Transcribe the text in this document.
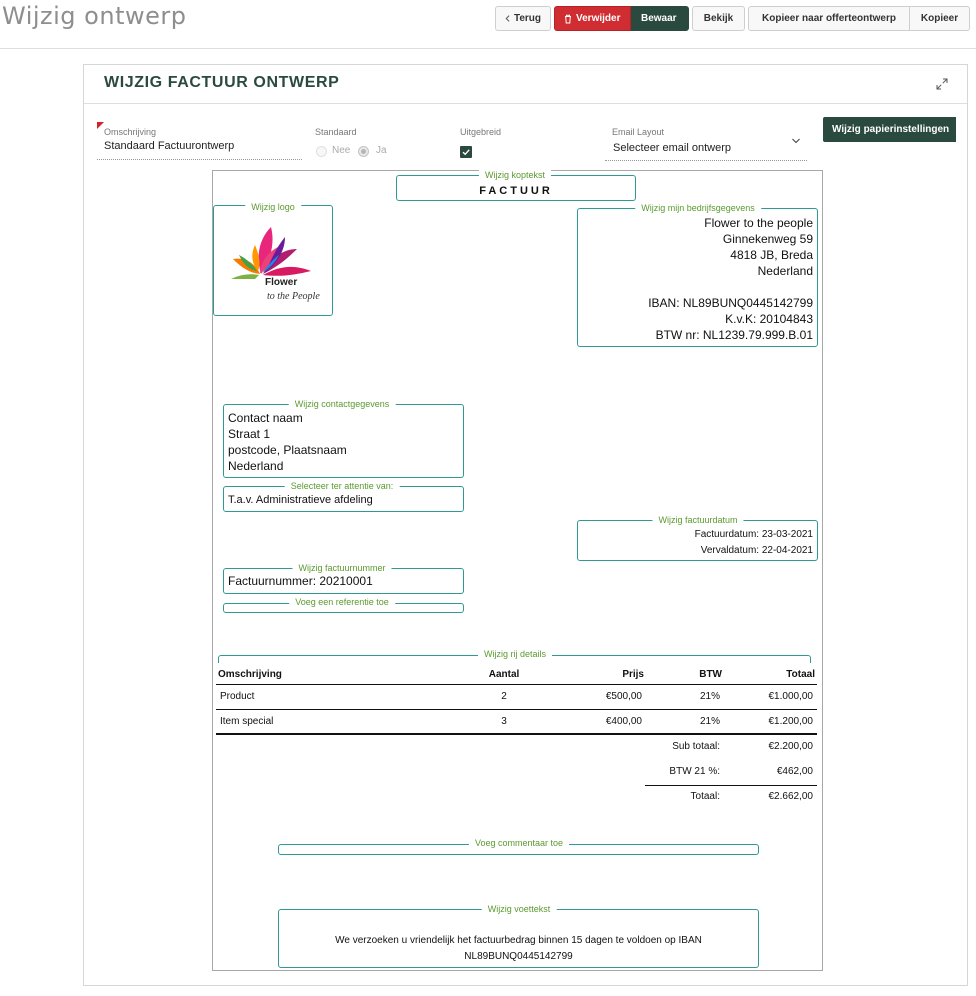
Wijzig ontwerp	Terug	Verwijder Bewaar	Bekijk	Kopieer naar offerteontwerp Kopieer
WIJZIG FACTUUR ONTWERP
Omschrijving
Standaard Factuurontwerp
Standaard
Nee	Ja
Uitgebreid	Email Layout
Selecteer email ontwerp
Wijzig papierinstellingen
Wijzig koptekst
FACTUUR
Wijzig logo
Flower
to the People
Wijzig mijn bedrijfsgegevens
Flower to the people
Ginnekenweg 59
4818 JB, Breda
Nederland
IBAN: NL89BUNQ0445142799
K.v.K: 20104843
BTW nr: NL1239.79.999.B.01
Wijzig contactgegevens
Contact naam
Straat 1
postcode, Plaatsnaam
Nederland
Selecteer ter attentie van:
T.a.v. Administratieve afdeling
Wijzig factuurdatum
Factuurdatum: 23-03-2021
Vervaldatum: 22-04-2021
Wijzig factuurnummer
Factuurnummer: 20210001
Voeg een referentie toe
Wijzig rij details
Voeg commentaar toe
Wijzig voettekst
We verzoeken u vriendelijk het factuurbedrag binnen 15 dagen te voldoen op IBAN
NL89BUNQ0445142799
Omschrijving	Aantal	Prijs	BTW	Totaal
Product	2	€500,00	21%	€1.000,00
Item special	3	€400,00	21%	€1.200,00
Sub totaal:	€2.200,00
BTW 21 %:	€462,00
Totaal:	€2.662,00
